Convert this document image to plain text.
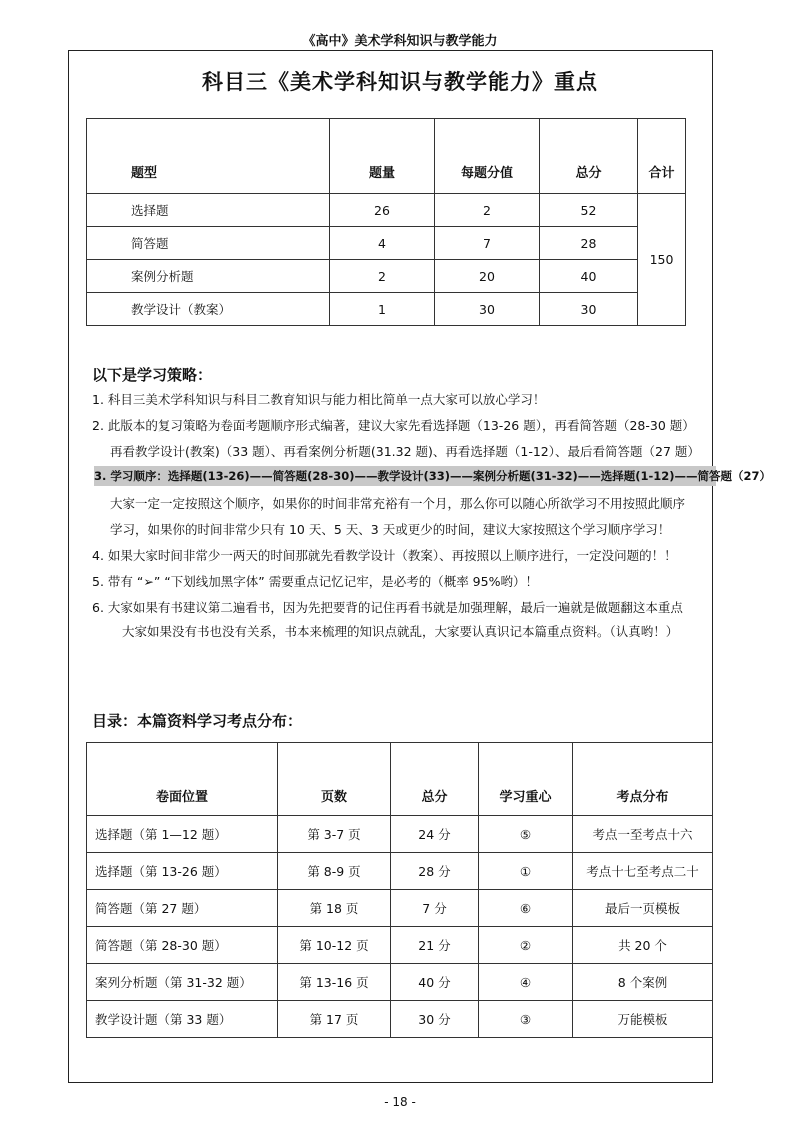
《高中》美术学科知识与教学能力
科目三《美术学科知识与教学能力》重点
题型	题量	每题分值	总分	合计
选择题	26	2	52	150
简答题	4	7	28	
案例分析题	2	20	40	
教学设计（教案）	1	30	30	
以下是学习策略：
1. 科目三美术学科知识与科目二教育知识与能力相比简单一点大家可以放心学习！
2. 此版本的复习策略为卷面考题顺序形式编著，建议大家先看选择题（13-26 题），再看简答题（28-30 题）
再看教学设计(教案)（33 题）、再看案例分析题(31.32 题)、再看选择题（1-12）、最后看简答题（27 题）
3. 学习顺序：选择题(13-26)——简答题(28-30)——教学设计(33)——案例分析题(31-32)——选择题(1-12)——简答题（27）
大家一定一定按照这个顺序，如果你的时间非常充裕有一个月，那么你可以随心所欲学习不用按照此顺序
学习，如果你的时间非常少只有 10 天、5 天、3 天或更少的时间，建议大家按照这个学习顺序学习！
4. 如果大家时间非常少一两天的时间那就先看教学设计（教案）、再按照以上顺序进行，一定没问题的！！
5. 带有 “➢” “下划线加黑字体” 需要重点记忆记牢，是必考的（概率 95%哟）！
6. 大家如果有书建议第二遍看书，因为先把要背的记住再看书就是加强理解，最后一遍就是做题翻这本重点
大家如果没有书也没有关系，书本来梳理的知识点就乱，大家要认真识记本篇重点资料。（认真哟！）
目录：本篇资料学习考点分布：
卷面位置	页数	总分	学习重心	考点分布
选择题（第 1—12 题）	第 3-7 页	24 分	⑤	考点一至考点十六
选择题（第 13-26 题）	第 8-9 页	28 分	①	考点十七至考点二十
简答题（第 27 题）	第 18 页	7 分	⑥	最后一页模板
简答题（第 28-30 题）	第 10-12 页	21 分	②	共 20 个
案列分析题（第 31-32 题）	第 13-16 页	40 分	④	8 个案例
教学设计题（第 33 题）	第 17 页	30 分	③	万能模板
- 18 -
